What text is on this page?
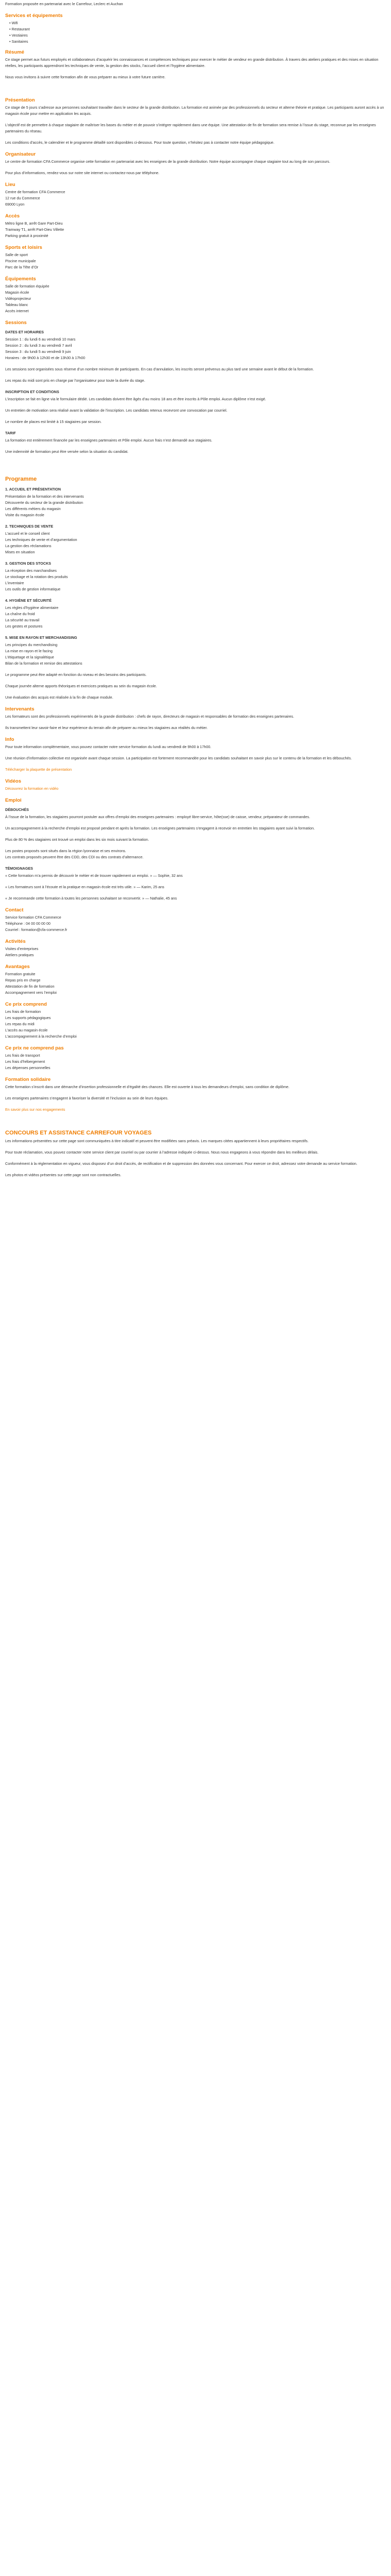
Formation proposée en partenariat avec le Carrefour, Leclerc et Auchan

Services et équipements
• Wifi
• Restaurant
• Vestiaires
• Sanitaires
Résumé

Ce stage permet aux futurs employés et collaborateurs d’acquérir les connaissances et compétences techniques pour exercer le métier de vendeur en grande distribution. À travers des ateliers pratiques et des mises en situation réelles, les participants apprendront les techniques de vente, la gestion des stocks, l’accueil client et l’hygiène alimentaire.

Nous vous invitons à suivre cette formation afin de vous préparer au mieux à votre future carrière.

Présentation

Ce stage de 5 jours s’adresse aux personnes souhaitant travailler dans le secteur de la grande distribution. La formation est animée par des professionnels du secteur et alterne théorie et pratique. Les participants auront accès à un magasin école pour mettre en application les acquis.

L’objectif est de permettre à chaque stagiaire de maîtriser les bases du métier et de pouvoir s’intégrer rapidement dans une équipe. Une attestation de fin de formation sera remise à l’issue du stage, reconnue par les enseignes partenaires du réseau.

Les conditions d’accès, le calendrier et le programme détaillé sont disponibles ci-dessous. Pour toute question, n’hésitez pas à contacter notre équipe pédagogique.

Organisateur

Le centre de formation CFA Commerce organise cette formation en partenariat avec les enseignes de la grande distribution. Notre équipe accompagne chaque stagiaire tout au long de son parcours.

Pour plus d’informations, rendez-vous sur notre site internet ou contactez-nous par téléphone.

Lieu

Centre de formation CFA Commerce

12 rue du Commerce

69000 Lyon

Accès

Métro ligne B, arrêt Gare Part-Dieu

Tramway T1, arrêt Part-Dieu Villette

Parking gratuit à proximité

Sports et loisirs

Salle de sport

Piscine municipale

Parc de la Tête d’Or

Équipements

Salle de formation équipée

Magasin école

Vidéoprojecteur

Tableau blanc

Accès internet

Sessions
DATES ET HORAIRES

Session 1 : du lundi 6 au vendredi 10 mars

Session 2 : du lundi 3 au vendredi 7 avril

Session 3 : du lundi 5 au vendredi 9 juin

Horaires : de 9h00 à 12h30 et de 13h30 à 17h00

Les sessions sont organisées sous réserve d’un nombre minimum de participants. En cas d’annulation, les inscrits seront prévenus au plus tard une semaine avant le début de la formation.

Les repas du midi sont pris en charge par l’organisateur pour toute la durée du stage.

INSCRIPTION ET CONDITIONS

L’inscription se fait en ligne via le formulaire dédié. Les candidats doivent être âgés d’au moins 18 ans et être inscrits à Pôle emploi. Aucun diplôme n’est exigé.

Un entretien de motivation sera réalisé avant la validation de l’inscription. Les candidats retenus recevront une convocation par courriel.

Le nombre de places est limité à 15 stagiaires par session.

TARIF

La formation est entièrement financée par les enseignes partenaires et Pôle emploi. Aucun frais n’est demandé aux stagiaires.

Une indemnité de formation peut être versée selon la situation du candidat.

Programme
1. ACCUEIL ET PRÉSENTATION

Présentation de la formation et des intervenants

Découverte du secteur de la grande distribution

Les différents métiers du magasin

Visite du magasin école

2. TECHNIQUES DE VENTE

L’accueil et le conseil client

Les techniques de vente et d’argumentation

La gestion des réclamations

Mises en situation

3. GESTION DES STOCKS

La réception des marchandises

Le stockage et la rotation des produits

L’inventaire

Les outils de gestion informatique

4. HYGIÈNE ET SÉCURITÉ

Les règles d’hygiène alimentaire

La chaîne du froid

La sécurité au travail

Les gestes et postures

5. MISE EN RAYON ET MERCHANDISING

Les principes du merchandising

La mise en rayon et le facing

L’étiquetage et la signalétique

Bilan de la formation et remise des attestations

Le programme peut être adapté en fonction du niveau et des besoins des participants.

Chaque journée alterne apports théoriques et exercices pratiques au sein du magasin école.

Une évaluation des acquis est réalisée à la fin de chaque module.

Intervenants

Les formateurs sont des professionnels expérimentés de la grande distribution : chefs de rayon, directeurs de magasin et responsables de formation des enseignes partenaires.

Ils transmettent leur savoir-faire et leur expérience du terrain afin de préparer au mieux les stagiaires aux réalités du métier.

Info

Pour toute information complémentaire, vous pouvez contacter notre service formation du lundi au vendredi de 9h00 à 17h00.

Une réunion d’information collective est organisée avant chaque session. La participation est fortement recommandée pour les candidats souhaitant en savoir plus sur le contenu de la formation et les débouchés.

Télécharger la plaquette de présentation

Vidéos

Découvrez la formation en vidéo

Emploi
DÉBOUCHÉS

À l’issue de la formation, les stagiaires pourront postuler aux offres d’emploi des enseignes partenaires : employé libre-service, hôte(sse) de caisse, vendeur, préparateur de commandes.

Un accompagnement à la recherche d’emploi est proposé pendant et après la formation. Les enseignes partenaires s’engagent à recevoir en entretien les stagiaires ayant suivi la formation.

Plus de 80 % des stagiaires ont trouvé un emploi dans les six mois suivant la formation.

Les postes proposés sont situés dans la région lyonnaise et ses environs.

Les contrats proposés peuvent être des CDD, des CDI ou des contrats d’alternance.

TÉMOIGNAGES

« Cette formation m’a permis de découvrir le métier et de trouver rapidement un emploi. » — Sophie, 32 ans

« Les formateurs sont à l’écoute et la pratique en magasin école est très utile. » — Karim, 25 ans

« Je recommande cette formation à toutes les personnes souhaitant se reconvertir. » — Nathalie, 45 ans

Contact

Service formation CFA Commerce

Téléphone : 04 00 00 00 00

Courriel : formation@cfa-commerce.fr

Activités

Visites d’entreprises

Ateliers pratiques

Avantages

Formation gratuite

Repas pris en charge

Attestation de fin de formation

Accompagnement vers l’emploi

Ce prix comprend

Les frais de formation

Les supports pédagogiques

Les repas du midi

L’accès au magasin école

L’accompagnement à la recherche d’emploi

Ce prix ne comprend pas

Les frais de transport

Les frais d’hébergement

Les dépenses personnelles

Formation solidaire

Cette formation s’inscrit dans une démarche d’insertion professionnelle et d’égalité des chances. Elle est ouverte à tous les demandeurs d’emploi, sans condition de diplôme.

Les enseignes partenaires s’engagent à favoriser la diversité et l’inclusion au sein de leurs équipes.

En savoir plus sur nos engagements

CONCOURS ET ASSISTANCE CARREFOUR VOYAGES

Les informations présentées sur cette page sont communiquées à titre indicatif et peuvent être modifiées sans préavis. Les marques citées appartiennent à leurs propriétaires respectifs.

Pour toute réclamation, vous pouvez contacter notre service client par courriel ou par courrier à l’adresse indiquée ci-dessus. Nous nous engageons à vous répondre dans les meilleurs délais.

Conformément à la réglementation en vigueur, vous disposez d’un droit d’accès, de rectification et de suppression des données vous concernant. Pour exercer ce droit, adressez votre demande au service formation.

Les photos et vidéos présentes sur cette page sont non contractuelles.
